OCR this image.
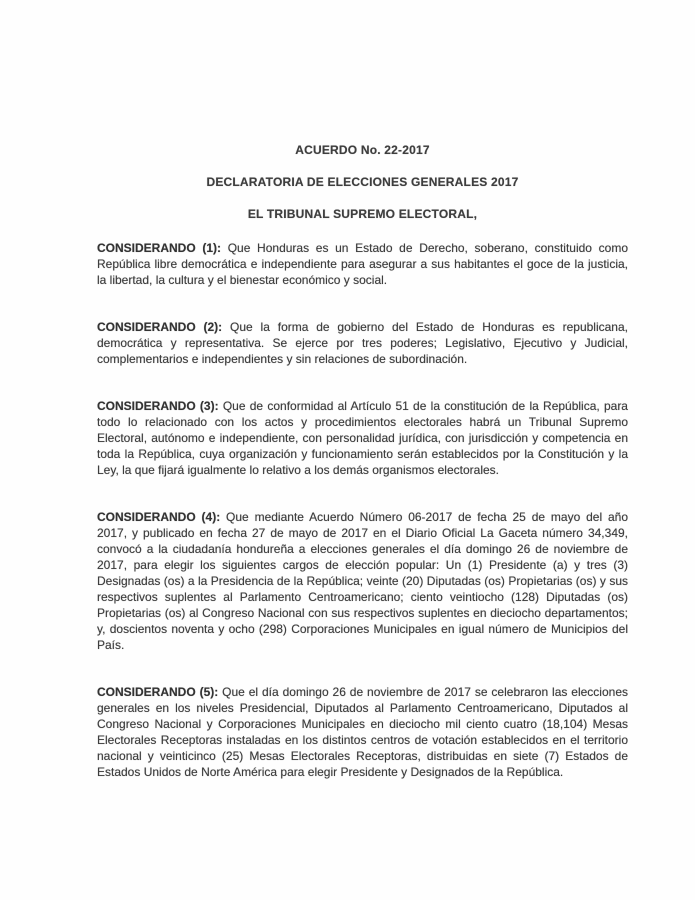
ACUERDO No. 22-2017
DECLARATORIA DE ELECCIONES GENERALES 2017
EL TRIBUNAL SUPREMO ELECTORAL,

CONSIDERANDO (1): Que Honduras es un Estado de Derecho, soberano, constituido como República libre democrática e independiente para asegurar a sus habitantes el goce de la justicia, la libertad, la cultura y el bienestar económico y social.

CONSIDERANDO (2): Que la forma de gobierno del Estado de Honduras es republicana, democrática y representativa. Se ejerce por tres poderes; Legislativo, Ejecutivo y Judicial, complementarios e independientes y sin relaciones de subordinación.

CONSIDERANDO (3): Que de conformidad al Artículo 51 de la constitución de la República, para todo lo relacionado con los actos y procedimientos electorales habrá un Tribunal Supremo Electoral, autónomo e independiente, con personalidad jurídica, con jurisdicción y competencia en toda la República, cuya organización y funcionamiento serán establecidos por la Constitución y la Ley, la que fijará igualmente lo relativo a los demás organismos electorales.

CONSIDERANDO (4): Que mediante Acuerdo Número 06-2017 de fecha 25 de mayo del año 2017, y publicado en fecha 27 de mayo de 2017 en el Diario Oficial La Gaceta número 34,349, convocó a la ciudadanía hondureña a elecciones generales el día domingo 26 de noviembre de 2017, para elegir los siguientes cargos de elección popular: Un (1) Presidente (a) y tres (3) Designadas (os) a la Presidencia de la República; veinte (20) Diputadas (os) Propietarias (os) y sus respectivos suplentes al Parlamento Centroamericano; ciento veintiocho (128) Diputadas (os) Propietarias (os) al Congreso Nacional con sus respectivos suplentes en dieciocho departamentos; y, doscientos noventa y ocho (298) Corporaciones Municipales en igual número de Municipios del País.

CONSIDERANDO (5): Que el día domingo 26 de noviembre de 2017 se celebraron las elecciones generales en los niveles Presidencial, Diputados al Parlamento Centroamericano, Diputados al Congreso Nacional y Corporaciones Municipales en dieciocho mil ciento cuatro (18,104) Mesas Electorales Receptoras instaladas en los distintos centros de votación establecidos en el territorio nacional y veinticinco (25) Mesas Electorales Receptoras, distribuidas en siete (7) Estados de Estados Unidos de Norte América para elegir Presidente y Designados de la República.
